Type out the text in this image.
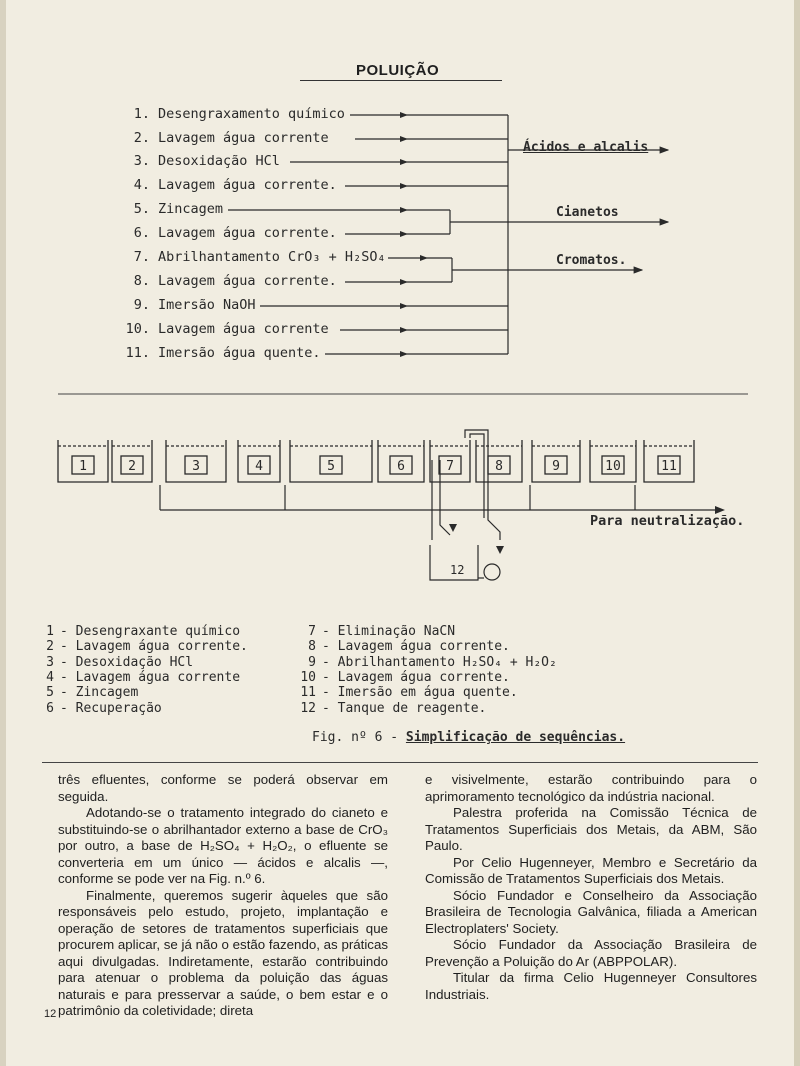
POLUIÇÃO
1. Desengraxamento químico
2. Lavagem água corrente
3. Desoxidação HCl
4. Lavagem água corrente.
5. Zincagem
6. Lavagem água corrente.
7. Abrilhantamento CrO₃ + H₂SO₄
8. Lavagem água corrente.
9. Imersão NaOH
10. Lavagem água corrente
11. Imersão água quente.
Ácidos e alcalis
Cianetos
Cromatos.
1	2	3	4	5	6	7	8	9	10	11
12
Para neutralização.
1 - Desengraxante químico
2 - Lavagem água corrente.
3 - Desoxidação HCl
4 - Lavagem água corrente
5 - Zincagem
6 - Recuperação
7 - Eliminação NaCN
8 - Lavagem água corrente.
9 - Abrilhantamento H₂SO₄ + H₂O₂
10 - Lavagem água corrente.
11 - Imersão em água quente.
12 - Tanque de reagente.
Fig. nº 6 - Simplificação de sequências.

três efluentes, conforme se poderá observar em seguida.

Adotando-se o tratamento integrado do cianeto e substituindo-se o abrilhantador externo a base de CrO₃ por outro, a base de H₂SO₄ + H₂O₂, o efluente se converteria em um único — ácidos e alcalis —, conforme se pode ver na Fig. n.º 6.

Finalmente, queremos sugerir àqueles que são responsáveis pelo estudo, projeto, implantação e operação de setores de tratamentos superficiais que procurem aplicar, se já não o estão fazendo, as práticas aqui divulgadas. Indiretamente, estarão contribuindo para atenuar o problema da poluição das águas naturais e para presservar a saúde, o bem estar e o patrimônio da coletividade; direta

e visivelmente, estarão contribuindo para o aprimoramento tecnológico da indústria nacional.

Palestra proferida na Comissão Técnica de Tratamentos Superficiais dos Metais, da ABM, São Paulo.

Por Celio Hugenneyer, Membro e Secretário da Comissão de Tratamentos Superficiais dos Metais.

Sócio Fundador e Conselheiro da Associação Brasileira de Tecnologia Galvânica, filiada a American Electroplaters' Society.

Sócio Fundador da Associação Brasileira de Prevenção a Poluição do Ar (ABPPOLAR).

Titular da firma Celio Hugenneyer Consultores Industriais.

12
